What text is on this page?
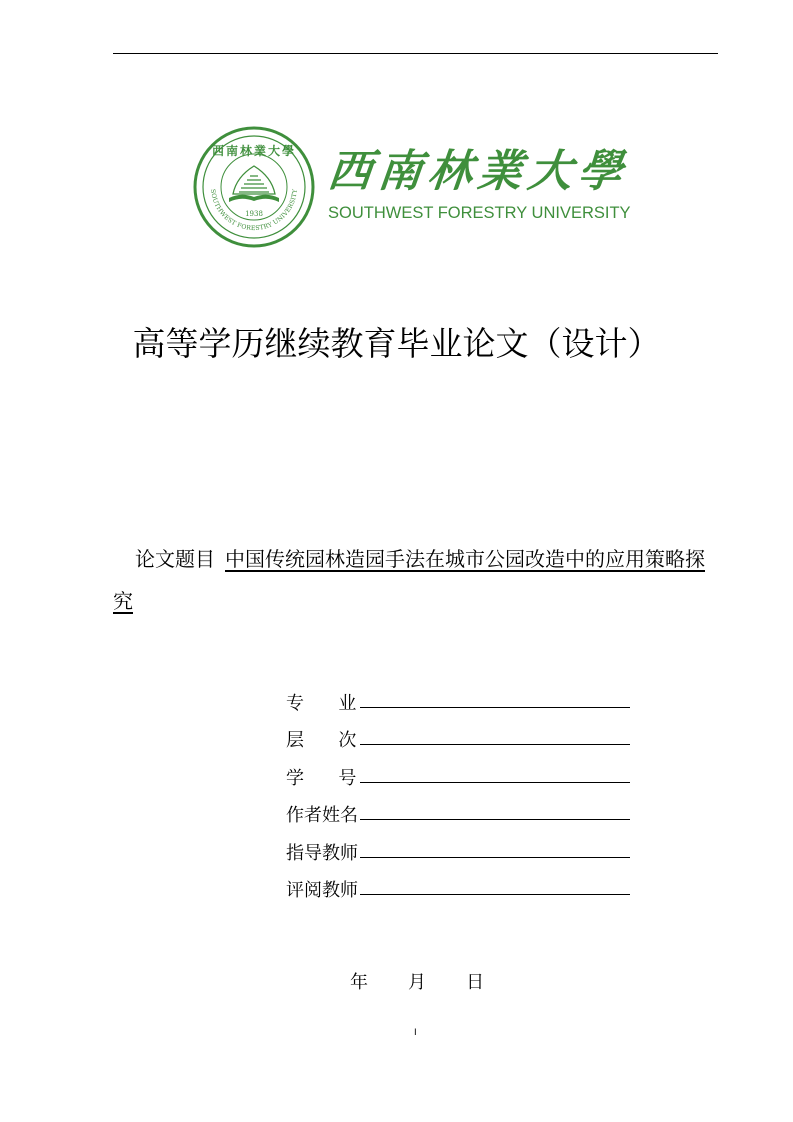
1938
西南林業大學
SOUTHWEST FORESTRY UNIVERSITY 西南林業大學
SOUTHWEST FORESTRY UNIVERSITY
高等学历继续教育毕业论文（设计）
论文题目 中国传统园林造园手法在城市公园改造中的应用策略探究
专      业
层      次
学      号
作者姓名
指导教师
评阅教师
年       月       日
I
